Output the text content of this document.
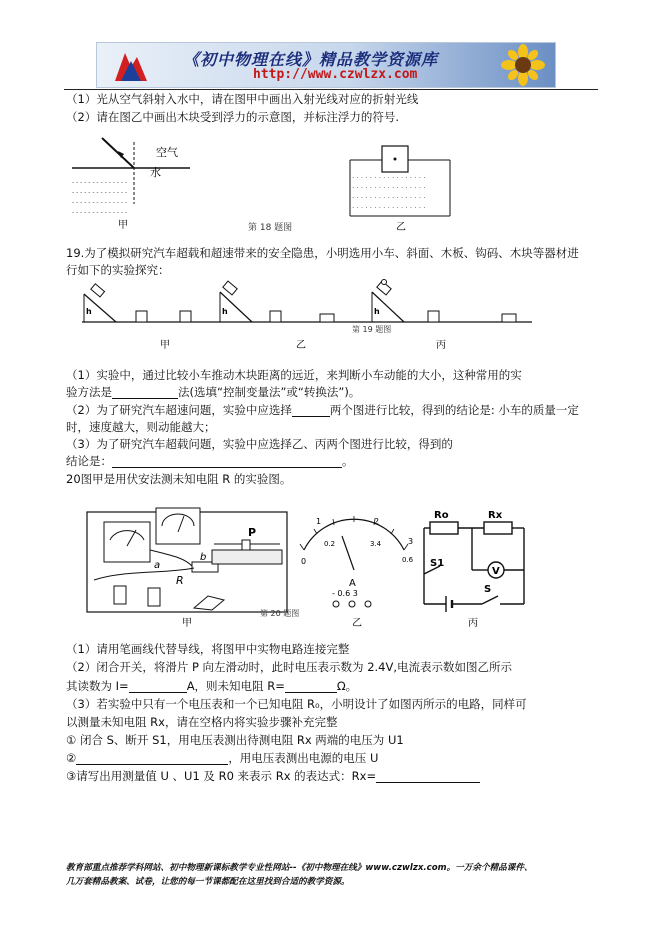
《初中物理在线》精品教学资源库
http://www.czwlzx.com
（1）光从空气斜射入水中，请在图甲中画出入射光线对应的折射光线
（2）请在图乙中画出木块受到浮力的示意图，并标注浮力的符号.
空气
水
- - - - - - - - - - - - - -
- - - - - - - - - - - - - -
- - - - - - - - - - - - - -
- - - - - - - - - - - - - -
甲	第 18 题图
· · · · · · · · · · · · · · · · ·
· · · · · · · · · · · · · · · · ·
· · · · · · · · · · · · · · · · ·
· · · · · · · · · · · · · · · · ·
乙
19.为了模拟研究汽车超载和超速带来的安全隐患，小明选用小车、斜面、木板、钩码、木块等器材进
行如下的实验探究：
h
甲
h
乙
第 19 题图
h
丙
（1）实验中，通过比较小车推动木块距离的远近，来判断小车动能的大小，这种常用的实
验方法是	法(选填“控制变量法”或“转换法”)。
（2）为了研究汽车超速问题，实验中应选择	两个图进行比较，得到的结论是: 小车的质量一定
时，速度越大，则动能越大；
（3）为了研究汽车超载问题，实验中应选择乙、丙两个图进行比较，得到的
结论是：	。
20图甲是用伏安法测未知电阻 R 的实验图。
a
b
R
P
甲
第 20 题图
0
0.2	3.4
0.6
1	2
3
A
- 0.6 3
乙
Ro	Rx
S1
V
S
丙
（1）请用笔画线代替导线，将图甲中实物电路连接完整
（2）闭合开关，将滑片 P 向左滑动时，此时电压表示数为 2.4V,电流表示数如图乙所示
其读数为 I=	A，则未知电阻 R=	Ω。
（3）若实验中只有一个电压表和一个已知电阻 R₀，小明设计了如图丙所示的电路，同样可
以测量未知电阻 Rx，请在空格内将实验步骤补充完整
① 闭合 S、断开 S1，用电压表测出待测电阻 Rx 两端的电压为 U1
②	，用电压表测出电源的电压 U
③请写出用测量值 U 、U1 及 R0 来表示 Rx 的表达式：Rx=
教育部重点推荐学科网站、初中物理新课标教学专业性网站--《初中物理在线》www.czwlzx.com。一万余个精品课件、
几万套精品教案、试卷，让您的每一节课都配在这里找到合适的教学资源。
